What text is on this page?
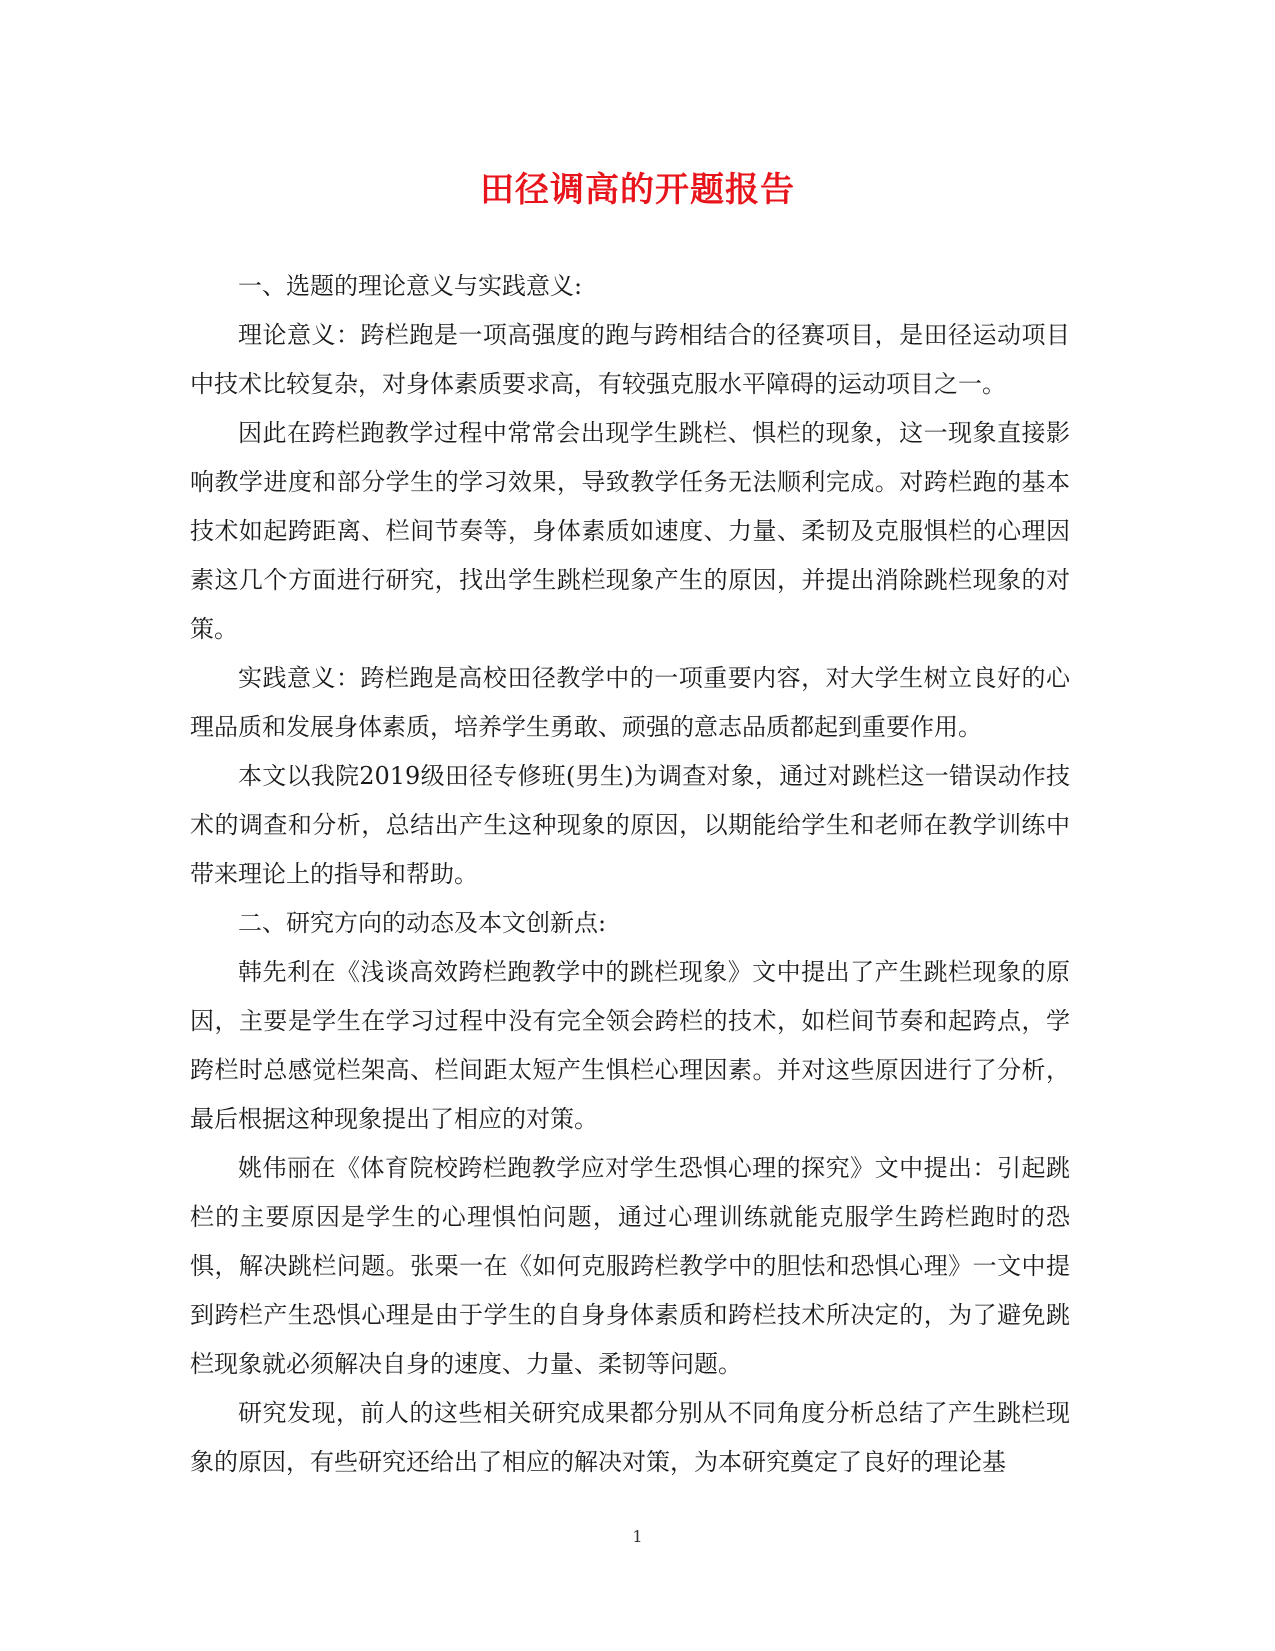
田径调高的开题报告

一、选题的理论意义与实践意义:

理论意义：跨栏跑是一项高强度的跑与跨相结合的径赛项目，是田径运动项目中技术比较复杂，对身体素质要求高，有较强克服水平障碍的运动项目之一。

因此在跨栏跑教学过程中常常会出现学生跳栏、惧栏的现象，这一现象直接影响教学进度和部分学生的学习效果，导致教学任务无法顺利完成。对跨栏跑的基本技术如起跨距离、栏间节奏等，身体素质如速度、力量、柔韧及克服惧栏的心理因素这几个方面进行研究，找出学生跳栏现象产生的原因，并提出消除跳栏现象的对策。

实践意义：跨栏跑是高校田径教学中的一项重要内容，对大学生树立良好的心理品质和发展身体素质，培养学生勇敢、顽强的意志品质都起到重要作用。

本文以我院2019级田径专修班(男生)为调查对象，通过对跳栏这一错误动作技术的调查和分析，总结出产生这种现象的原因，以期能给学生和老师在教学训练中带来理论上的指导和帮助。

二、研究方向的动态及本文创新点:

韩先利在《浅谈高效跨栏跑教学中的跳栏现象》文中提出了产生跳栏现象的原因，主要是学生在学习过程中没有完全领会跨栏的技术，如栏间节奏和起跨点，学跨栏时总感觉栏架高、栏间距太短产生惧栏心理因素。并对这些原因进行了分析，最后根据这种现象提出了相应的对策。

姚伟丽在《体育院校跨栏跑教学应对学生恐惧心理的探究》文中提出：引起跳栏的主要原因是学生的心理惧怕问题，通过心理训练就能克服学生跨栏跑时的恐惧，解决跳栏问题。张栗一在《如何克服跨栏教学中的胆怯和恐惧心理》一文中提到跨栏产生恐惧心理是由于学生的自身身体素质和跨栏技术所决定的，为了避免跳栏现象就必须解决自身的速度、力量、柔韧等问题。

研究发现，前人的这些相关研究成果都分别从不同角度分析总结了产生跳栏现象的原因，有些研究还给出了相应的解决对策，为本研究奠定了良好的理论基

1
